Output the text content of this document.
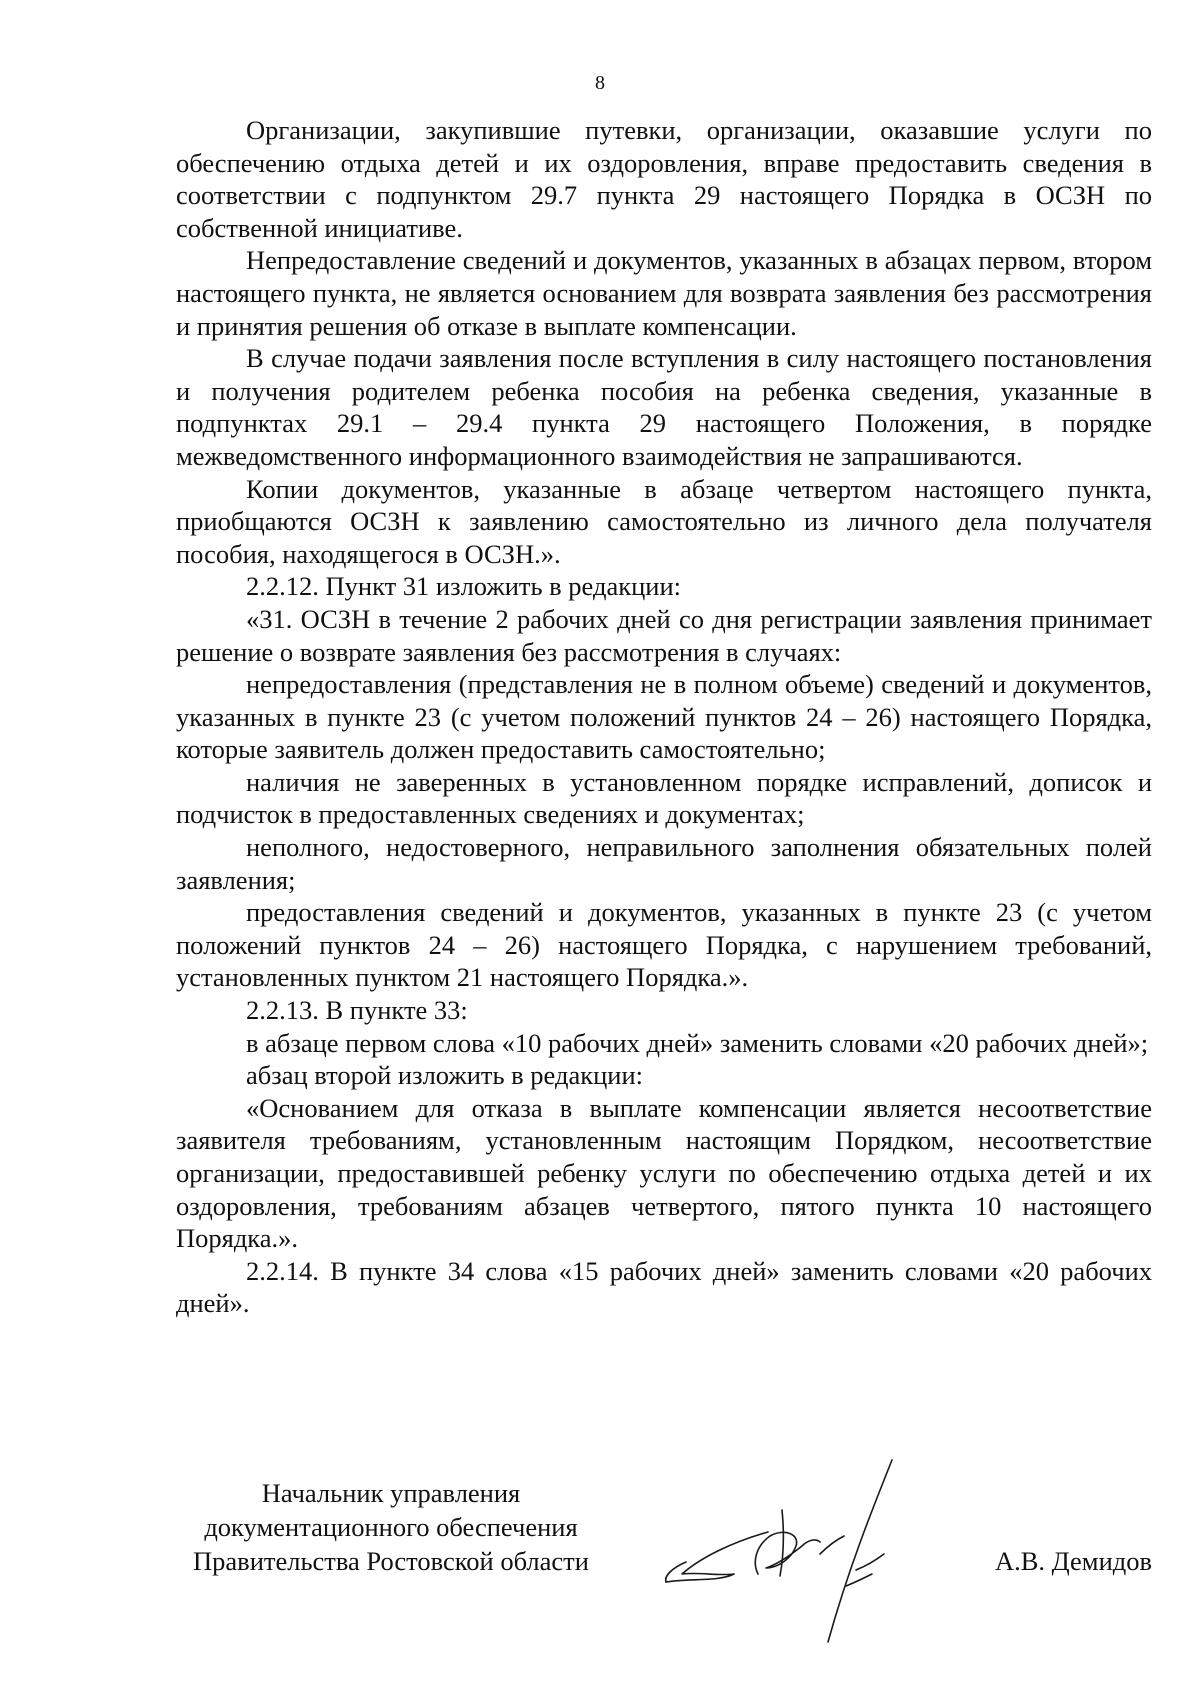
8

Организации, закупившие путевки, организации, оказавшие услуги по обеспечению отдыха детей и их оздоровления, вправе предоставить сведения в соответствии с подпунктом 29.7 пункта 29 настоящего Порядка в ОСЗН по собственной инициативе.

Непредоставление сведений и документов, указанных в абзацах первом, втором настоящего пункта, не является основанием для возврата заявления без рассмотрения и принятия решения об отказе в выплате компенсации.

В случае подачи заявления после вступления в силу настоящего постановления и получения родителем ребенка пособия на ребенка сведения, указанные в подпунктах 29.1 – 29.4 пункта 29 настоящего Положения, в порядке межведомственного информационного взаимодействия не запрашиваются.

Копии документов, указанные в абзаце четвертом настоящего пункта, приобщаются ОСЗН к заявлению самостоятельно из личного дела получателя пособия, находящегося в ОСЗН.».

2.2.12. Пункт 31 изложить в редакции:

«31. ОСЗН в течение 2 рабочих дней со дня регистрации заявления принимает решение о возврате заявления без рассмотрения в случаях:

непредоставления (представления не в полном объеме) сведений и документов, указанных в пункте 23 (с учетом положений пунктов 24 – 26) настоящего Порядка, которые заявитель должен предоставить самостоятельно;

наличия не заверенных в установленном порядке исправлений, дописок и подчисток в предоставленных сведениях и документах;

неполного, недостоверного, неправильного заполнения обязательных полей заявления;

предоставления сведений и документов, указанных в пункте 23 (с учетом положений пунктов 24 – 26) настоящего Порядка, с нарушением требований, установленных пунктом 21 настоящего Порядка.».

2.2.13. В пункте 33:

в абзаце первом слова «10 рабочих дней» заменить словами «20 рабочих дней»;

абзац второй изложить в редакции:

«Основанием для отказа в выплате компенсации является несоответствие заявителя требованиям, установленным настоящим Порядком, несоответствие организации, предоставившей ребенку услуги по обеспечению отдыха детей и их оздоровления, требованиям абзацев четвертого, пятого пункта 10 настоящего Порядка.».

2.2.14. В пункте 34 слова «15 рабочих дней» заменить словами «20 рабочих дней».

Начальник управления
документационного обеспечения
Правительства Ростовской области	А.В. Демидов
